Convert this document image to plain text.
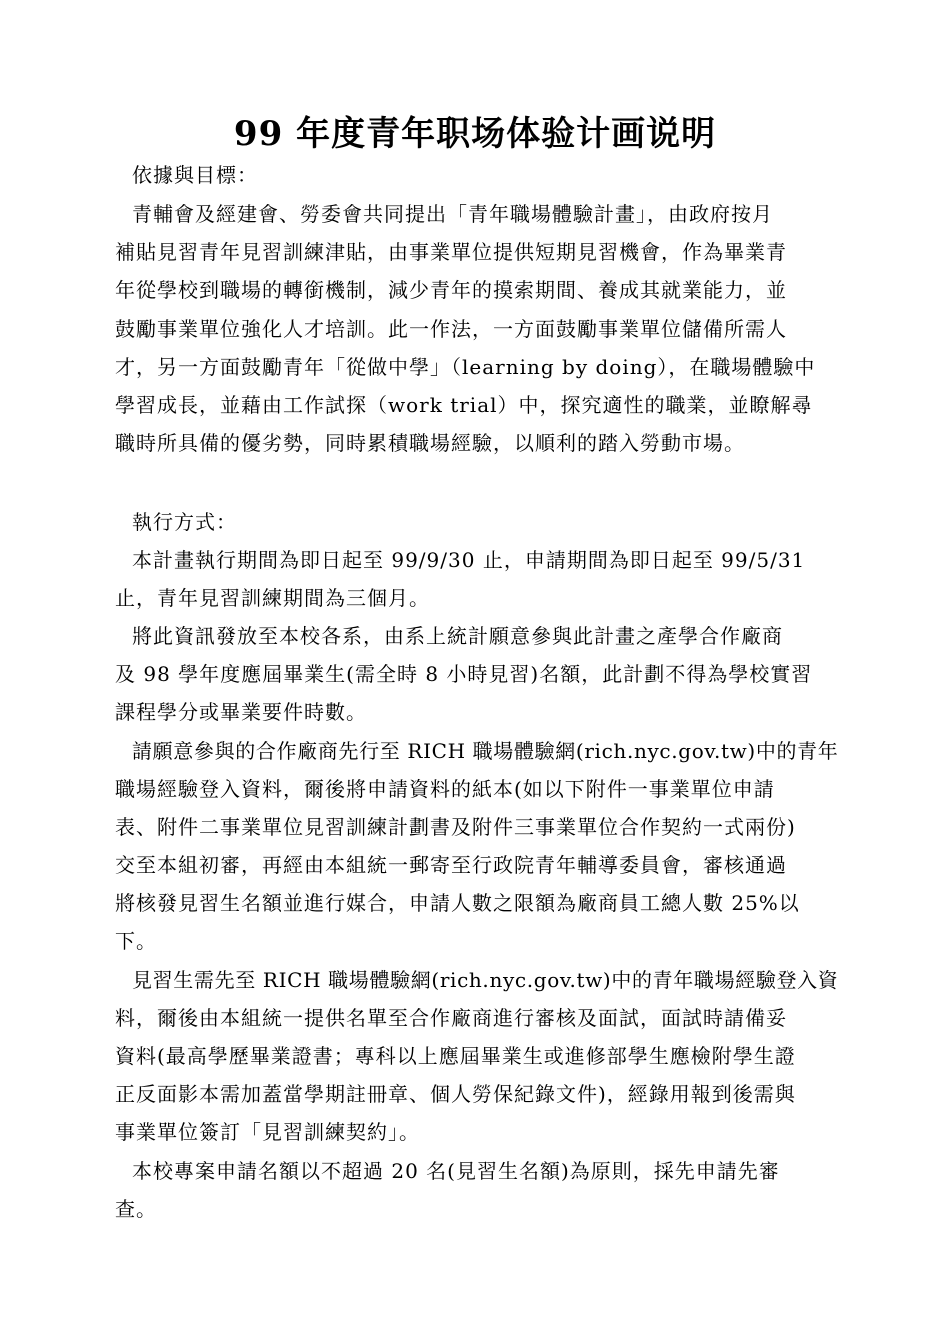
99 年度青年职场体验计画说明
依據與目標：
青輔會及經建會、勞委會共同提出「青年職場體驗計畫」，由政府按月
補貼見習青年見習訓練津貼，由事業單位提供短期見習機會，作為畢業青
年從學校到職場的轉銜機制，減少青年的摸索期間、養成其就業能力，並
鼓勵事業單位強化人才培訓。此一作法，一方面鼓勵事業單位儲備所需人
才，另一方面鼓勵青年「從做中學」（learning by doing），在職場體驗中
學習成長，並藉由工作試探（work trial）中，探究適性的職業，並瞭解尋
職時所具備的優劣勢，同時累積職場經驗，以順利的踏入勞動市場。
執行方式：
本計畫執行期間為即日起至 99/9/30 止，申請期間為即日起至 99/5/31
止，青年見習訓練期間為三個月。
將此資訊發放至本校各系，由系上統計願意參與此計畫之產學合作廠商
及 98 學年度應屆畢業生(需全時 8 小時見習)名額，此計劃不得為學校實習
課程學分或畢業要件時數。
請願意參與的合作廠商先行至 RICH 職場體驗網(rich.nyc.gov.tw)中的青年
職場經驗登入資料，爾後將申請資料的紙本(如以下附件一事業單位申請
表、附件二事業單位見習訓練計劃書及附件三事業單位合作契約一式兩份)
交至本組初審，再經由本組統一郵寄至行政院青年輔導委員會，審核通過
將核發見習生名額並進行媒合，申請人數之限額為廠商員工總人數 25%以
下。
見習生需先至 RICH 職場體驗網(rich.nyc.gov.tw)中的青年職場經驗登入資
料，爾後由本組統一提供名單至合作廠商進行審核及面試，面試時請備妥
資料(最高學歷畢業證書；專科以上應屆畢業生或進修部學生應檢附學生證
正反面影本需加蓋當學期註冊章、個人勞保紀錄文件)，經錄用報到後需與
事業單位簽訂「見習訓練契約」。
本校專案申請名額以不超過 20 名(見習生名額)為原則，採先申請先審
查。
